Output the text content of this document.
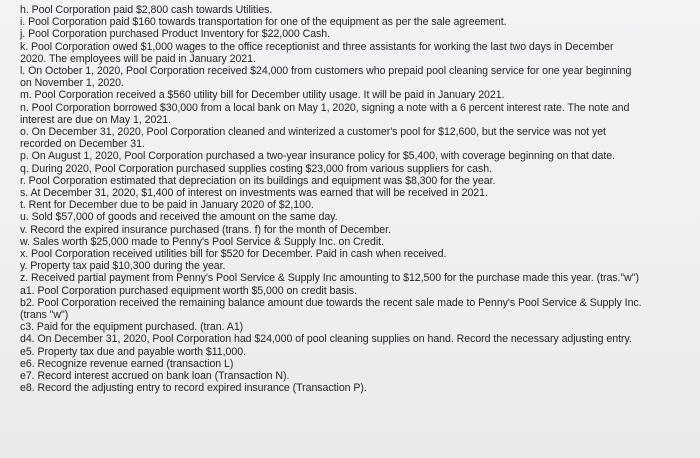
h. Pool Corporation paid $2,800 cash towards Utilities.

i. Pool Corporation paid $160 towards transportation for one of the equipment as per the sale agreement.

j. Pool Corporation purchased Product Inventory for $22,000 Cash.

k. Pool Corporation owed $1,000 wages to the office receptionist and three assistants for working the last two days in December

2020. The employees will be paid in January 2021.

l. On October 1, 2020, Pool Corporation received $24,000 from customers who prepaid pool cleaning service for one year beginning

on November 1, 2020.

m. Pool Corporation received a $560 utility bill for December utility usage. It will be paid in January 2021.

n. Pool Corporation borrowed $30,000 from a local bank on May 1, 2020, signing a note with a 6 percent interest rate. The note and

interest are due on May 1, 2021.

o. On December 31, 2020, Pool Corporation cleaned and winterized a customer's pool for $12,600, but the service was not yet

recorded on December 31.

p. On August 1, 2020, Pool Corporation purchased a two-year insurance policy for $5,400, with coverage beginning on that date.

q. During 2020, Pool Corporation purchased supplies costing $23,000 from various suppliers for cash.

r. Pool Corporation estimated that depreciation on its buildings and equipment was $8,300 for the year.

s. At December 31, 2020, $1,400 of interest on investments was earned that will be received in 2021.

t. Rent for December due to be paid in January 2020 of $2,100.

u. Sold $57,000 of goods and received the amount on the same day.

v. Record the expired insurance purchased (trans. f) for the month of December.

w. Sales worth $25,000 made to Penny's Pool Service & Supply Inc. on Credit.

x. Pool Corporation received utilities bill for $520 for December. Paid in cash when received.

y. Property tax paid $10,300 during the year.

z. Received partial payment from Penny's Pool Service & Supply Inc amounting to $12,500 for the purchase made this year. (tras."w")

a1. Pool Corporation purchased equipment worth $5,000 on credit basis.

b2. Pool Corporation received the remaining balance amount due towards the recent sale made to Penny's Pool Service & Supply Inc.

(trans "w")

c3. Paid for the equipment purchased. (tran. A1)

d4. On December 31, 2020, Pool Corporation had $24,000 of pool cleaning supplies on hand. Record the necessary adjusting entry.

e5. Property tax due and payable worth $11,000.

e6. Recognize revenue earned (transaction L)

e7. Record interest accrued on bank loan (Transaction N).

e8. Record the adjusting entry to record expired insurance (Transaction P).
